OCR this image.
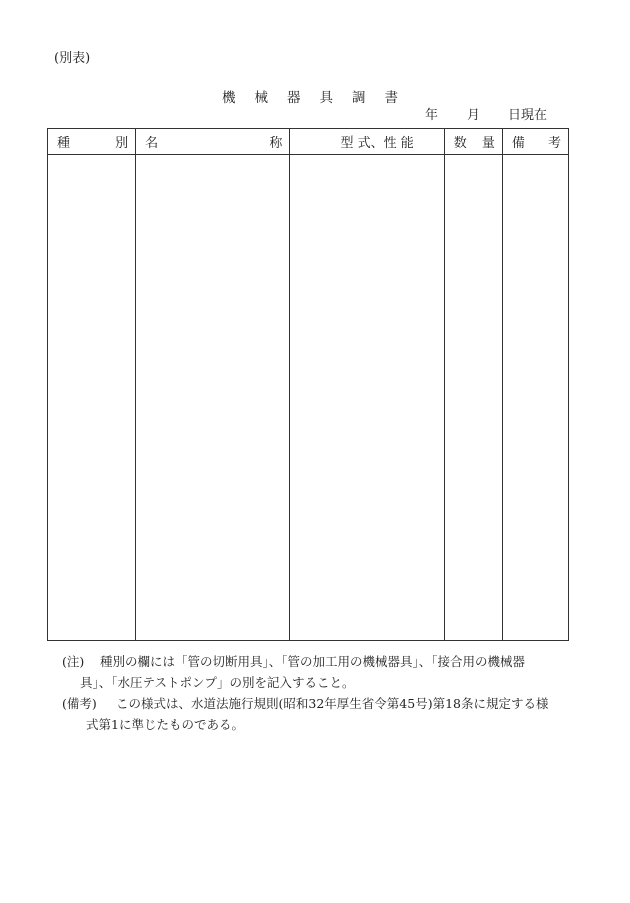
(別表)
機械器具調書
年 月 日現在
種 別	名 称	型 式、性 能	数 量	備 考

(注) 種別の欄には「管の切断用具」、「管の加工用の機械器具」、「接合用の機械器
具」、「水圧テストポンプ」の別を記入すること。
(備考) この様式は、水道法施行規則(昭和32年厚生省令第45号)第18条に規定する様
式第1に準じたものである。
